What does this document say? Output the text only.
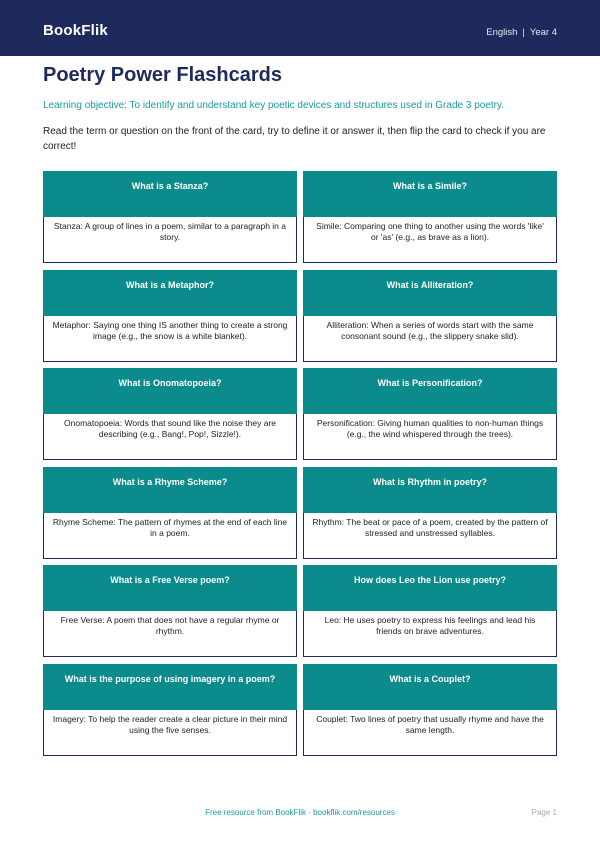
BookFlik	English | Year 4
Poetry Power Flashcards
Learning objective: To identify and understand key poetic devices and structures used in Grade 3 poetry.
Read the term or question on the front of the card, try to define it or answer it, then flip the card to check if you are correct!
What is a Stanza?
Stanza: A group of lines in a poem, similar to a paragraph in a story.
What is a Simile?
Simile: Comparing one thing to another using the words 'like' or 'as' (e.g., as brave as a lion).
What is a Metaphor?
Metaphor: Saying one thing IS another thing to create a strong image (e.g., the snow is a white blanket).
What is Alliteration?
Alliteration: When a series of words start with the same consonant sound (e.g., the slippery snake slid).
What is Onomatopoeia?
Onomatopoeia: Words that sound like the noise they are describing (e.g., Bang!, Pop!, Sizzle!).
What is Personification?
Personification: Giving human qualities to non-human things (e.g., the wind whispered through the trees).
What is a Rhyme Scheme?
Rhyme Scheme: The pattern of rhymes at the end of each line in a poem.
What is Rhythm in poetry?
Rhythm: The beat or pace of a poem, created by the pattern of stressed and unstressed syllables.
What is a Free Verse poem?
Free Verse: A poem that does not have a regular rhyme or rhythm.
How does Leo the Lion use poetry?
Leo: He uses poetry to express his feelings and lead his friends on brave adventures.
What is the purpose of using imagery in a poem?
Imagery: To help the reader create a clear picture in their mind using the five senses.
What is a Couplet?
Couplet: Two lines of poetry that usually rhyme and have the same length.
Free resource from BookFlik · bookflik.com/resources	Page 1
